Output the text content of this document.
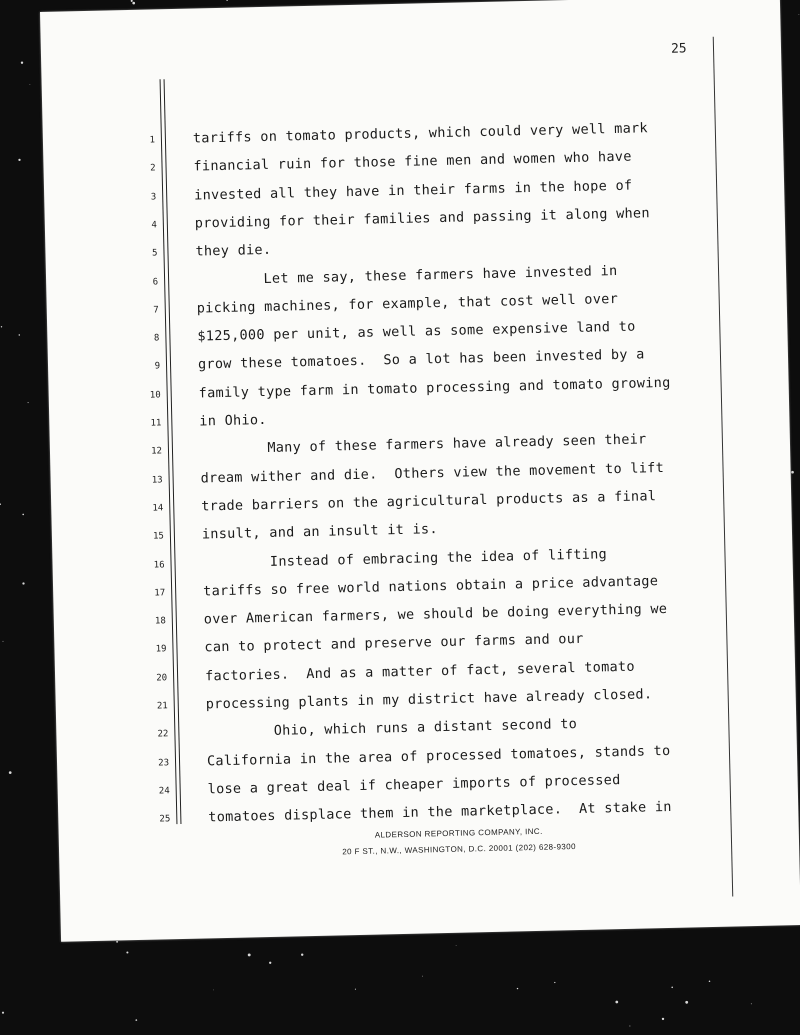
25
1	tariffs on tomato products, which could very well mark
2	financial ruin for those fine men and women who have
3	invested all they have in their farms in the hope of
4	providing for their families and passing it along when
5	they die.
6	Let me say, these farmers have invested in
7	picking machines, for example, that cost well over
8	$125,000 per unit, as well as some expensive land to
9	grow these tomatoes.  So a lot has been invested by a
10	family type farm in tomato processing and tomato growing
11	in Ohio.
12	Many of these farmers have already seen their
13	dream wither and die.  Others view the movement to lift
14	trade barriers on the agricultural products as a final
15	insult, and an insult it is.
16	Instead of embracing the idea of lifting
17	tariffs so free world nations obtain a price advantage
18	over American farmers, we should be doing everything we
19	can to protect and preserve our farms and our
20	factories.  And as a matter of fact, several tomato
21	processing plants in my district have already closed.
22	Ohio, which runs a distant second to
23	California in the area of processed tomatoes, stands to
24	lose a great deal if cheaper imports of processed
25	tomatoes displace them in the marketplace.  At stake in
ALDERSON REPORTING COMPANY, INC.
20 F ST., N.W., WASHINGTON, D.C. 20001 (202) 628-9300
